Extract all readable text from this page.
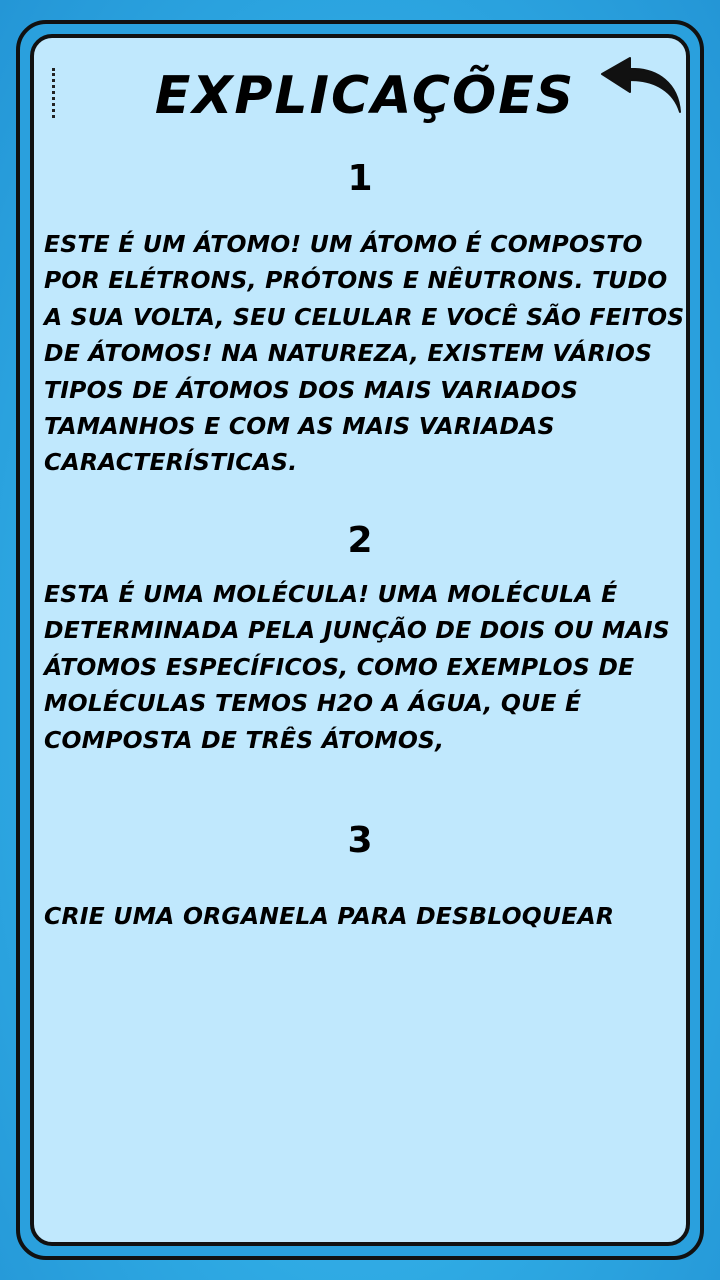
EXPLICAÇÕES
1

ESTE É UM ÁTOMO! UM ÁTOMO É COMPOSTO POR ELÉTRONS, PRÓTONS E NÊUTRONS. TUDO A SUA VOLTA, SEU CELULAR E VOCÊ SÃO FEITOS DE ÁTOMOS! NA NATUREZA, EXISTEM VÁRIOS TIPOS DE ÁTOMOS DOS MAIS VARIADOS TAMANHOS E COM AS MAIS VARIADAS CARACTERÍSTICAS.

2

ESTA É UMA MOLÉCULA! UMA MOLÉCULA É DETERMINADA PELA JUNÇÃO DE DOIS OU MAIS ÁTOMOS ESPECÍFICOS, COMO EXEMPLOS DE MOLÉCULAS TEMOS H2O A ÁGUA, QUE É COMPOSTA DE TRÊS ÁTOMOS,

3

CRIE UMA ORGANELA PARA DESBLOQUEAR
